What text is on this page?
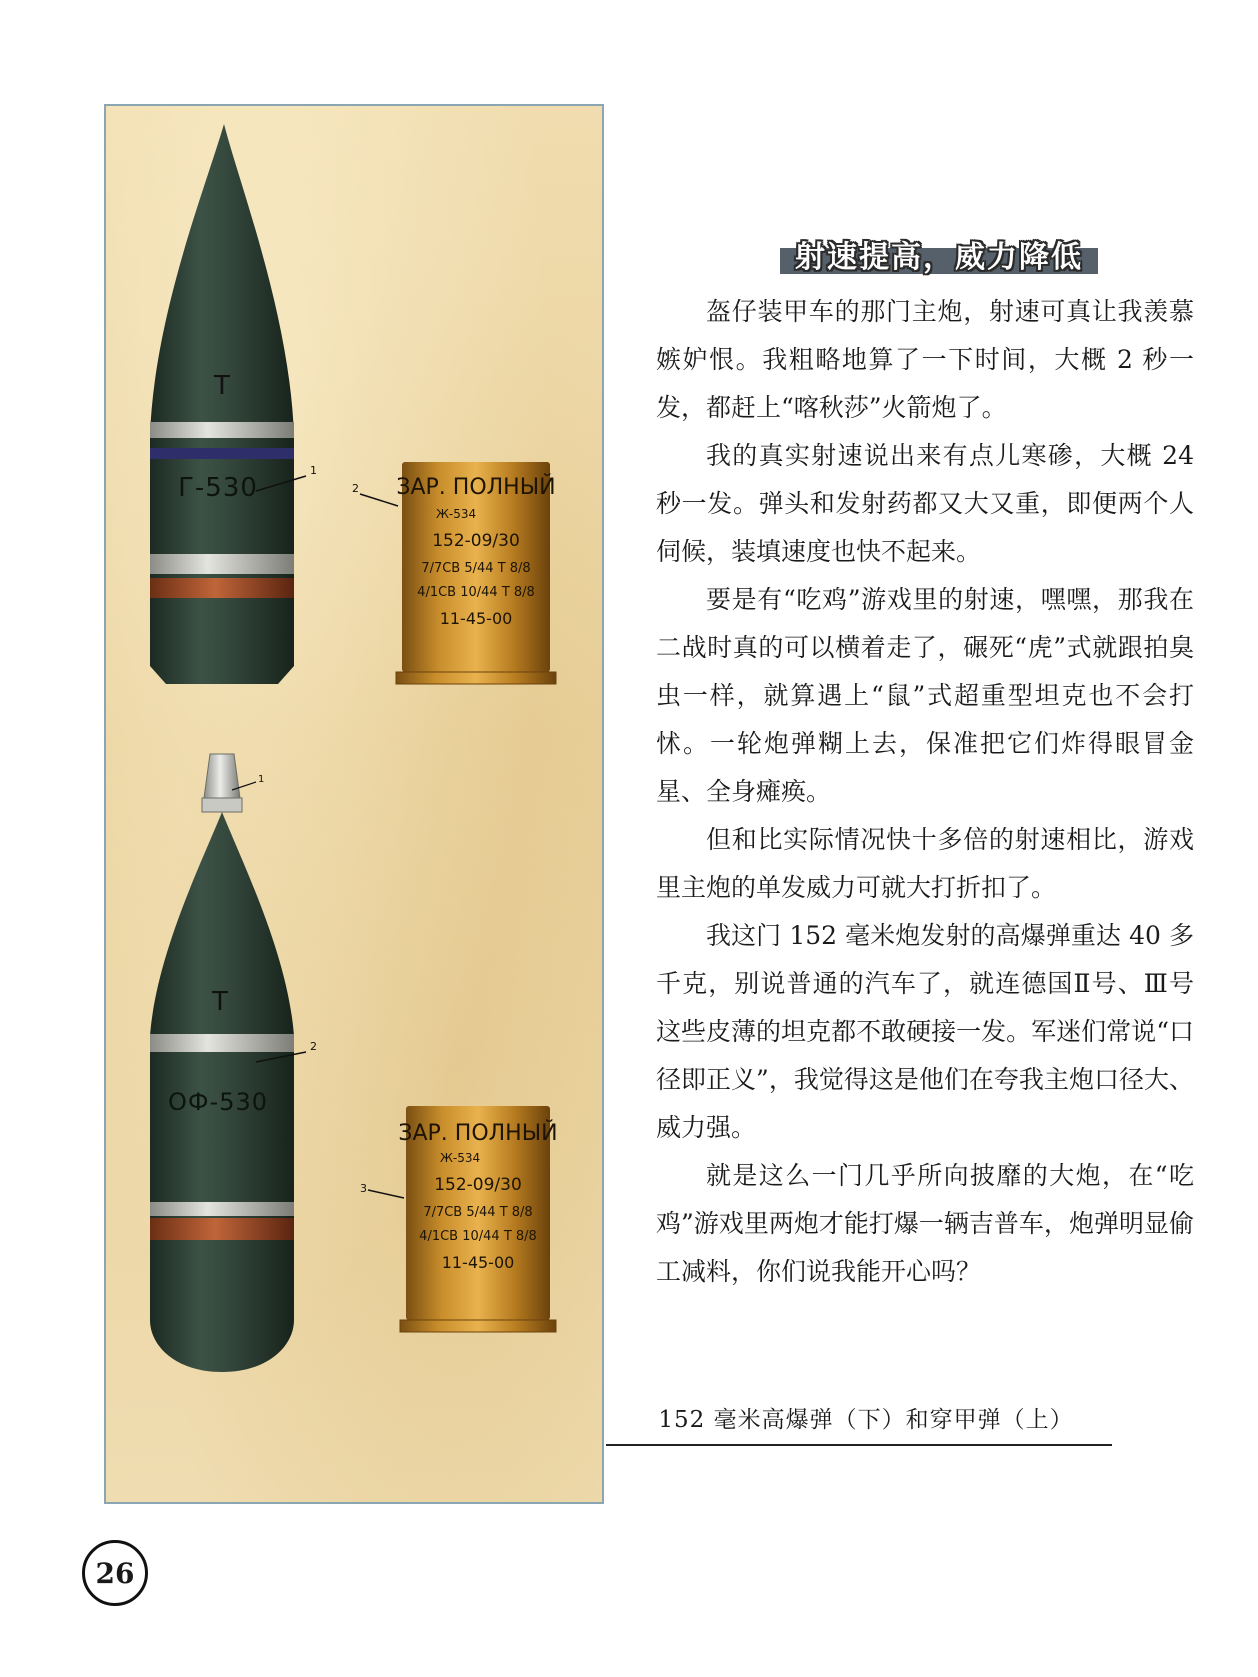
Т
Г-530
1
2 ЗАР. ПОЛНЫЙ
Ж-534
152-09/30
7/7СВ 5/44 Т 8/8
4/1СВ 10/44 Т 8/8
11-45-00
Т
ОФ-530
1
2
3
ЗАР. ПОЛНЫЙ
Ж-534
152-09/30
7/7СВ 5/44 Т 8/8
4/1СВ 10/44 Т 8/8
11-45-00
射速提高，威力降低

盔仔装甲车的那门主炮，射速可真让我羡慕嫉妒恨。我粗略地算了一下时间，大概 2 秒一发，都赶上“喀秋莎”火箭炮了。

我的真实射速说出来有点儿寒碜，大概 24 秒一发。弹头和发射药都又大又重，即便两个人伺候，装填速度也快不起来。

要是有“吃鸡”游戏里的射速，嘿嘿，那我在二战时真的可以横着走了，碾死“虎”式就跟拍臭虫一样，就算遇上“鼠”式超重型坦克也不会打怵。一轮炮弹糊上去，保准把它们炸得眼冒金星、全身瘫痪。

但和比实际情况快十多倍的射速相比，游戏里主炮的单发威力可就大打折扣了。

我这门 152 毫米炮发射的高爆弹重达 40 多千克，别说普通的汽车了，就连德国Ⅱ号、Ⅲ号这些皮薄的坦克都不敢硬接一发。军迷们常说“口径即正义”，我觉得这是他们在夸我主炮口径大、威力强。

就是这么一门几乎所向披靡的大炮，在“吃鸡”游戏里两炮才能打爆一辆吉普车，炮弹明显偷工减料，你们说我能开心吗？

152 毫米高爆弹（下）和穿甲弹（上）
26
